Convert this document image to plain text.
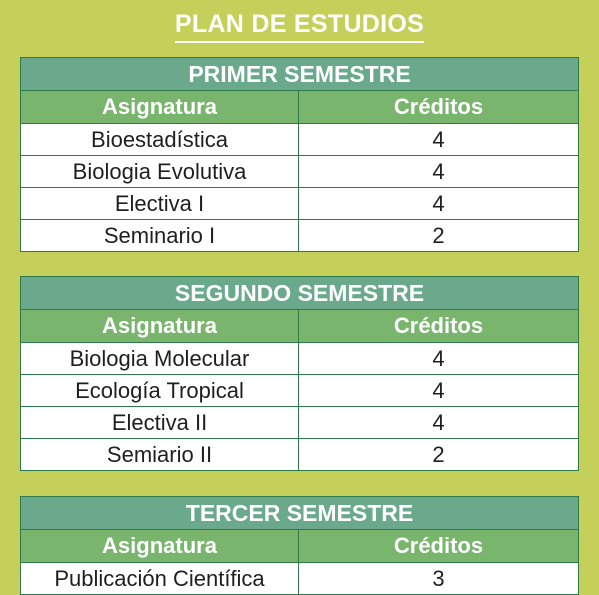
PLAN DE ESTUDIOS
PRIMER SEMESTRE	
Asignatura	Créditos
Bioestadística	4
Biologia Evolutiva	4
Electiva I	4
Seminario I	2
SEGUNDO SEMESTRE	
Asignatura	Créditos
Biologia Molecular	4
Ecología Tropical	4
Electiva II	4
Semiario II	2
TERCER SEMESTRE	
Asignatura	Créditos
Publicación Científica	3
